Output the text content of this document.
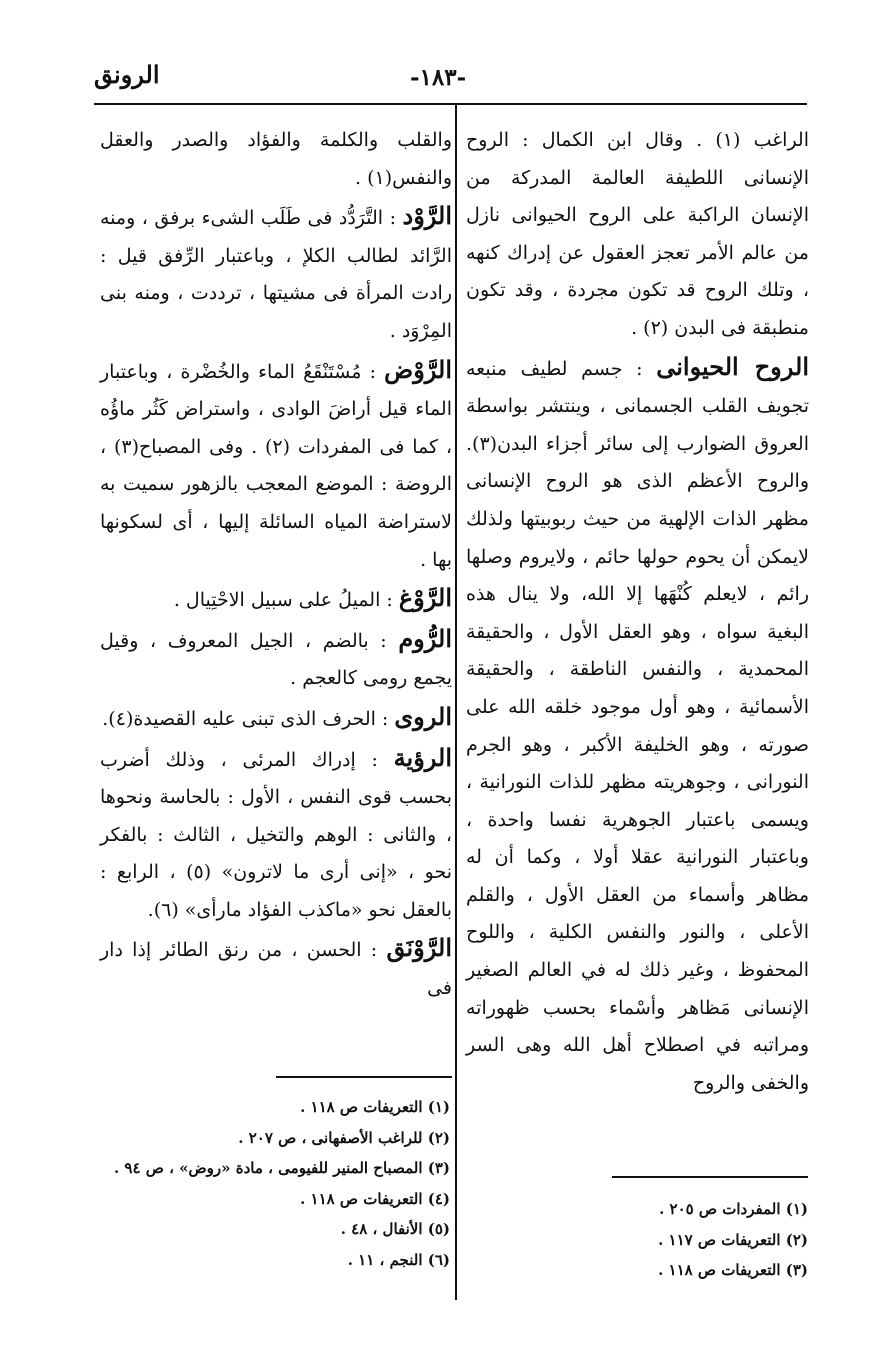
الرونق	-١٨٣-

الراغب (١) . وقال ابن الكمال : الروح الإنسانى اللطيفة العالمة المدركة من الإنسان الراكبة على الروح الحيوانى نازل من عالم الأمر تعجز العقول عن إدراك كنهه ، وتلك الروح قد تكون مجردة ، وقد تكون منطبقة فى البدن (٢) .

الروح الحيوانى : جسم لطيف منبعه تجويف القلب الجسمانى ، وينتشر بواسطة العروق الضوارب إلى سائر أجزاء البدن(٣). والروح الأعظم الذى هو الروح الإنسانى مظهر الذات الإلهية من حيث ربوبيتها ولذلك لايمكن أن يحوم حولها حائم ، ولايروم وصلها رائم ، لايعلم كُنْهَها إلا الله، ولا ينال هذه البغية سواه ، وهو العقل الأول ، والحقيقة المحمدية ، والنفس الناطقة ، والحقيقة الأسمائية ، وهو أول موجود خلقه الله على صورته ، وهو الخليفة الأكبر ، وهو الجرم النورانى ، وجوهريته مظهر للذات النورانية ، ويسمى باعتبار الجوهرية نفسا واحدة ، وباعتبار النورانية عقلا أولا ، وكما أن له مظاهر وأسماء من العقل الأول ، والقلم الأعلى ، والنور والنفس الكلية ، واللوح المحفوظ ، وغير ذلك له في العالم الصغير الإنسانى مَظاهر وأسْماء بحسب ظهوراته ومراتبه في اصطلاح أهل الله وهى السر والخفى والروح

والقلب والكلمة والفؤاد والصدر والعقل والنفس(١) .

الرَّوْد : التَّرَدُّد فى طَلَب الشىء برفق ، ومنه الرَّائد لطالب الكلإ ، وباعتبار الرِّفق قيل : رادت المرأة فى مشيتها ، ترددت ، ومنه بنى المِرْوَد .

الرَّوْض : مُسْتَنْقَعُ الماء والخُضْرة ، وباعتبار الماء قيل أراضَ الوادى ، واستراض كَثُر ماؤُه ، كما فى المفردات (٢) . وفى المصباح(٣) ، الروضة : الموضع المعجب بالزهور سميت به لاستراضة المياه السائلة إليها ، أى لسكونها بها .

الرَّوْغ : الميلُ على سبيل الاحْتِيال .

الرُّوم : بالضم ، الجيل المعروف ، وقيل يجمع رومى كالعجم .

الروى : الحرف الذى تبنى عليه القصيدة(٤).

الرؤية : إدراك المرئى ، وذلك أضرب بحسب قوى النفس ، الأول : بالحاسة ونحوها ، والثانى : الوهم والتخيل ، الثالث : بالفكر نحو ، «إنى أرى ما لاترون» (٥) ، الرابع : بالعقل نحو «ماكذب الفؤاد مارأى» (٦).

الرَّوْنَق : الحسن ، من رنق الطائر إذا دار فى

(١) التعريفات ص ١١٨ .
(٢) للراغب الأصفهانى ، ص ٢٠٧ .
(٣) المصباح المنير للفيومى ، مادة «روض» ، ص ٩٤ .
(٤) التعريفات ص ١١٨ .
(٥) الأنفال ، ٤٨ .
(٦) النجم ، ١١ .
(١) المفردات ص ٢٠٥ .
(٢) التعريفات ص ١١٧ .
(٣) التعريفات ص ١١٨ .
